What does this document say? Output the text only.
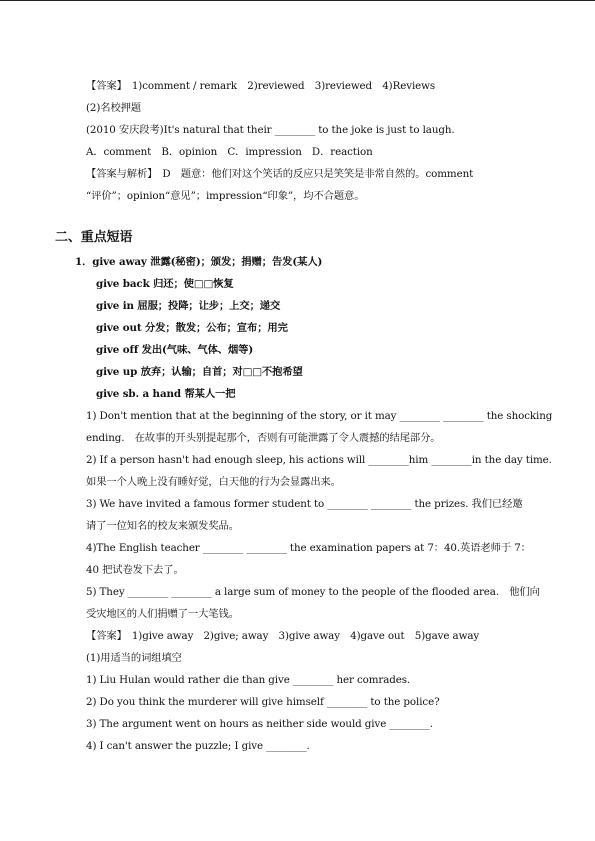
【答案】　1)comment / remark　2)reviewed　3)reviewed　4)Reviews
(2)名校押题
(2010 安庆段考)It's natural that their ________ to the joke is just to laugh.
A．comment　B．opinion　C．impression　D．reaction
【答案与解析】　D　题意：他们对这个笑话的反应只是笑笑是非常自然的。comment
“评价”；opinion“意见”；impression“印象”，均不合题意。
二、重点短语
1．give away 泄露(秘密)；颁发；捐赠；告发(某人)
give back 归还；使□□恢复
give in 屈服；投降；让步；上交；递交
give out 分发；散发；公布；宣布；用完
give off 发出(气味、气体、烟等)
give up 放弃；认输；自首；对□□不抱希望
give sb. a hand 帮某人一把
1) Don't mention that at the beginning of the story, or it may ________ ________ the shocking
ending.　在故事的开头别提起那个，否则有可能泄露了令人震撼的结尾部分。
2) If a person hasn't had enough sleep, his actions will ________him ________in the day time.
如果一个人晚上没有睡好觉，白天他的行为会显露出来。
3) We have invited a famous former student to ________ ________ the prizes. 我们已经邀
请了一位知名的校友来颁发奖品。
4)The English teacher ________ ________ the examination papers at 7：40.英语老师于 7：
40 把试卷发下去了。
5) They ________ ________ a large sum of money to the people of the flooded area.　他们向
受灾地区的人们捐赠了一大笔钱。
【答案】　1)give away　2)give; away　3)give away　4)gave out　5)gave away
(1)用适当的词组填空
1) Liu Hulan would rather die than give ________ her comrades.
2) Do you think the murderer will give himself ________ to the police?
3) The argument went on hours as neither side would give ________.
4) I can't answer the puzzle; I give ________.
